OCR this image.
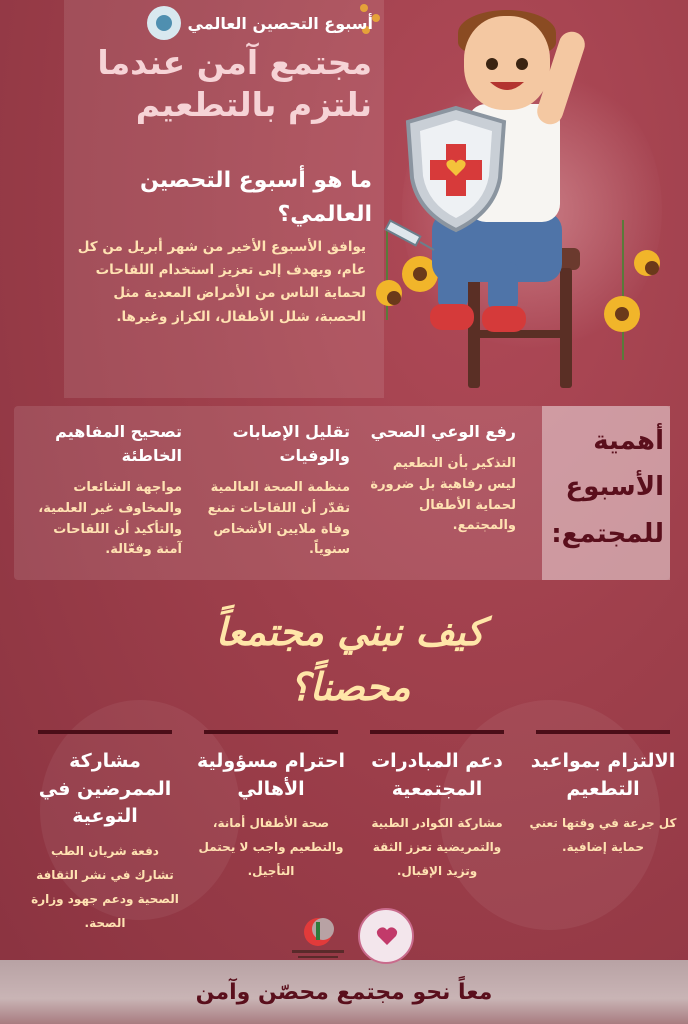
أسبوع التحصين العالمي
مجتمع آمن عندما
نلتزم بالتطعيم
ما هو أسبوع التحصين العالمي؟
يوافق الأسبوع الأخير من شهر أبريل من كل عام، ويهدف إلى تعزيز استخدام اللقاحات لحماية الناس من الأمراض المعدية مثل الحصبة، شلل الأطفال، الكزاز وغيرها.
أهمية الأسبوع للمجتمع:
رفع الوعي الصحي

التذكير بأن التطعيم ليس رفاهية بل ضرورة لحماية الأطفال والمجتمع.

تقليل الإصابات والوفيات

منظمة الصحة العالمية تقدّر أن اللقاحات تمنع وفاة ملايين الأشخاص سنوياً.

تصحيح المفاهيم الخاطئة

مواجهة الشائعات والمخاوف غير العلمية، والتأكيد أن اللقاحات آمنة وفعّالة.

كيف نبني مجتمعاً
محصناً؟
الالتزام بمواعيد التطعيم

كل جرعة في وقتها تعني حماية إضافية.

دعم المبادرات المجتمعية

مشاركة الكوادر الطبية والتمريضية تعزز الثقة وتزيد الإقبال.

احترام مسؤولية الأهالي

صحة الأطفال أمانة، والتطعيم واجب لا يحتمل التأجيل.

مشاركة الممرضين في التوعية

دفعة شريان الطب تشارك في نشر الثقافة الصحية ودعم جهود وزارة الصحة.

معاً نحو مجتمع محصّن وآمن
